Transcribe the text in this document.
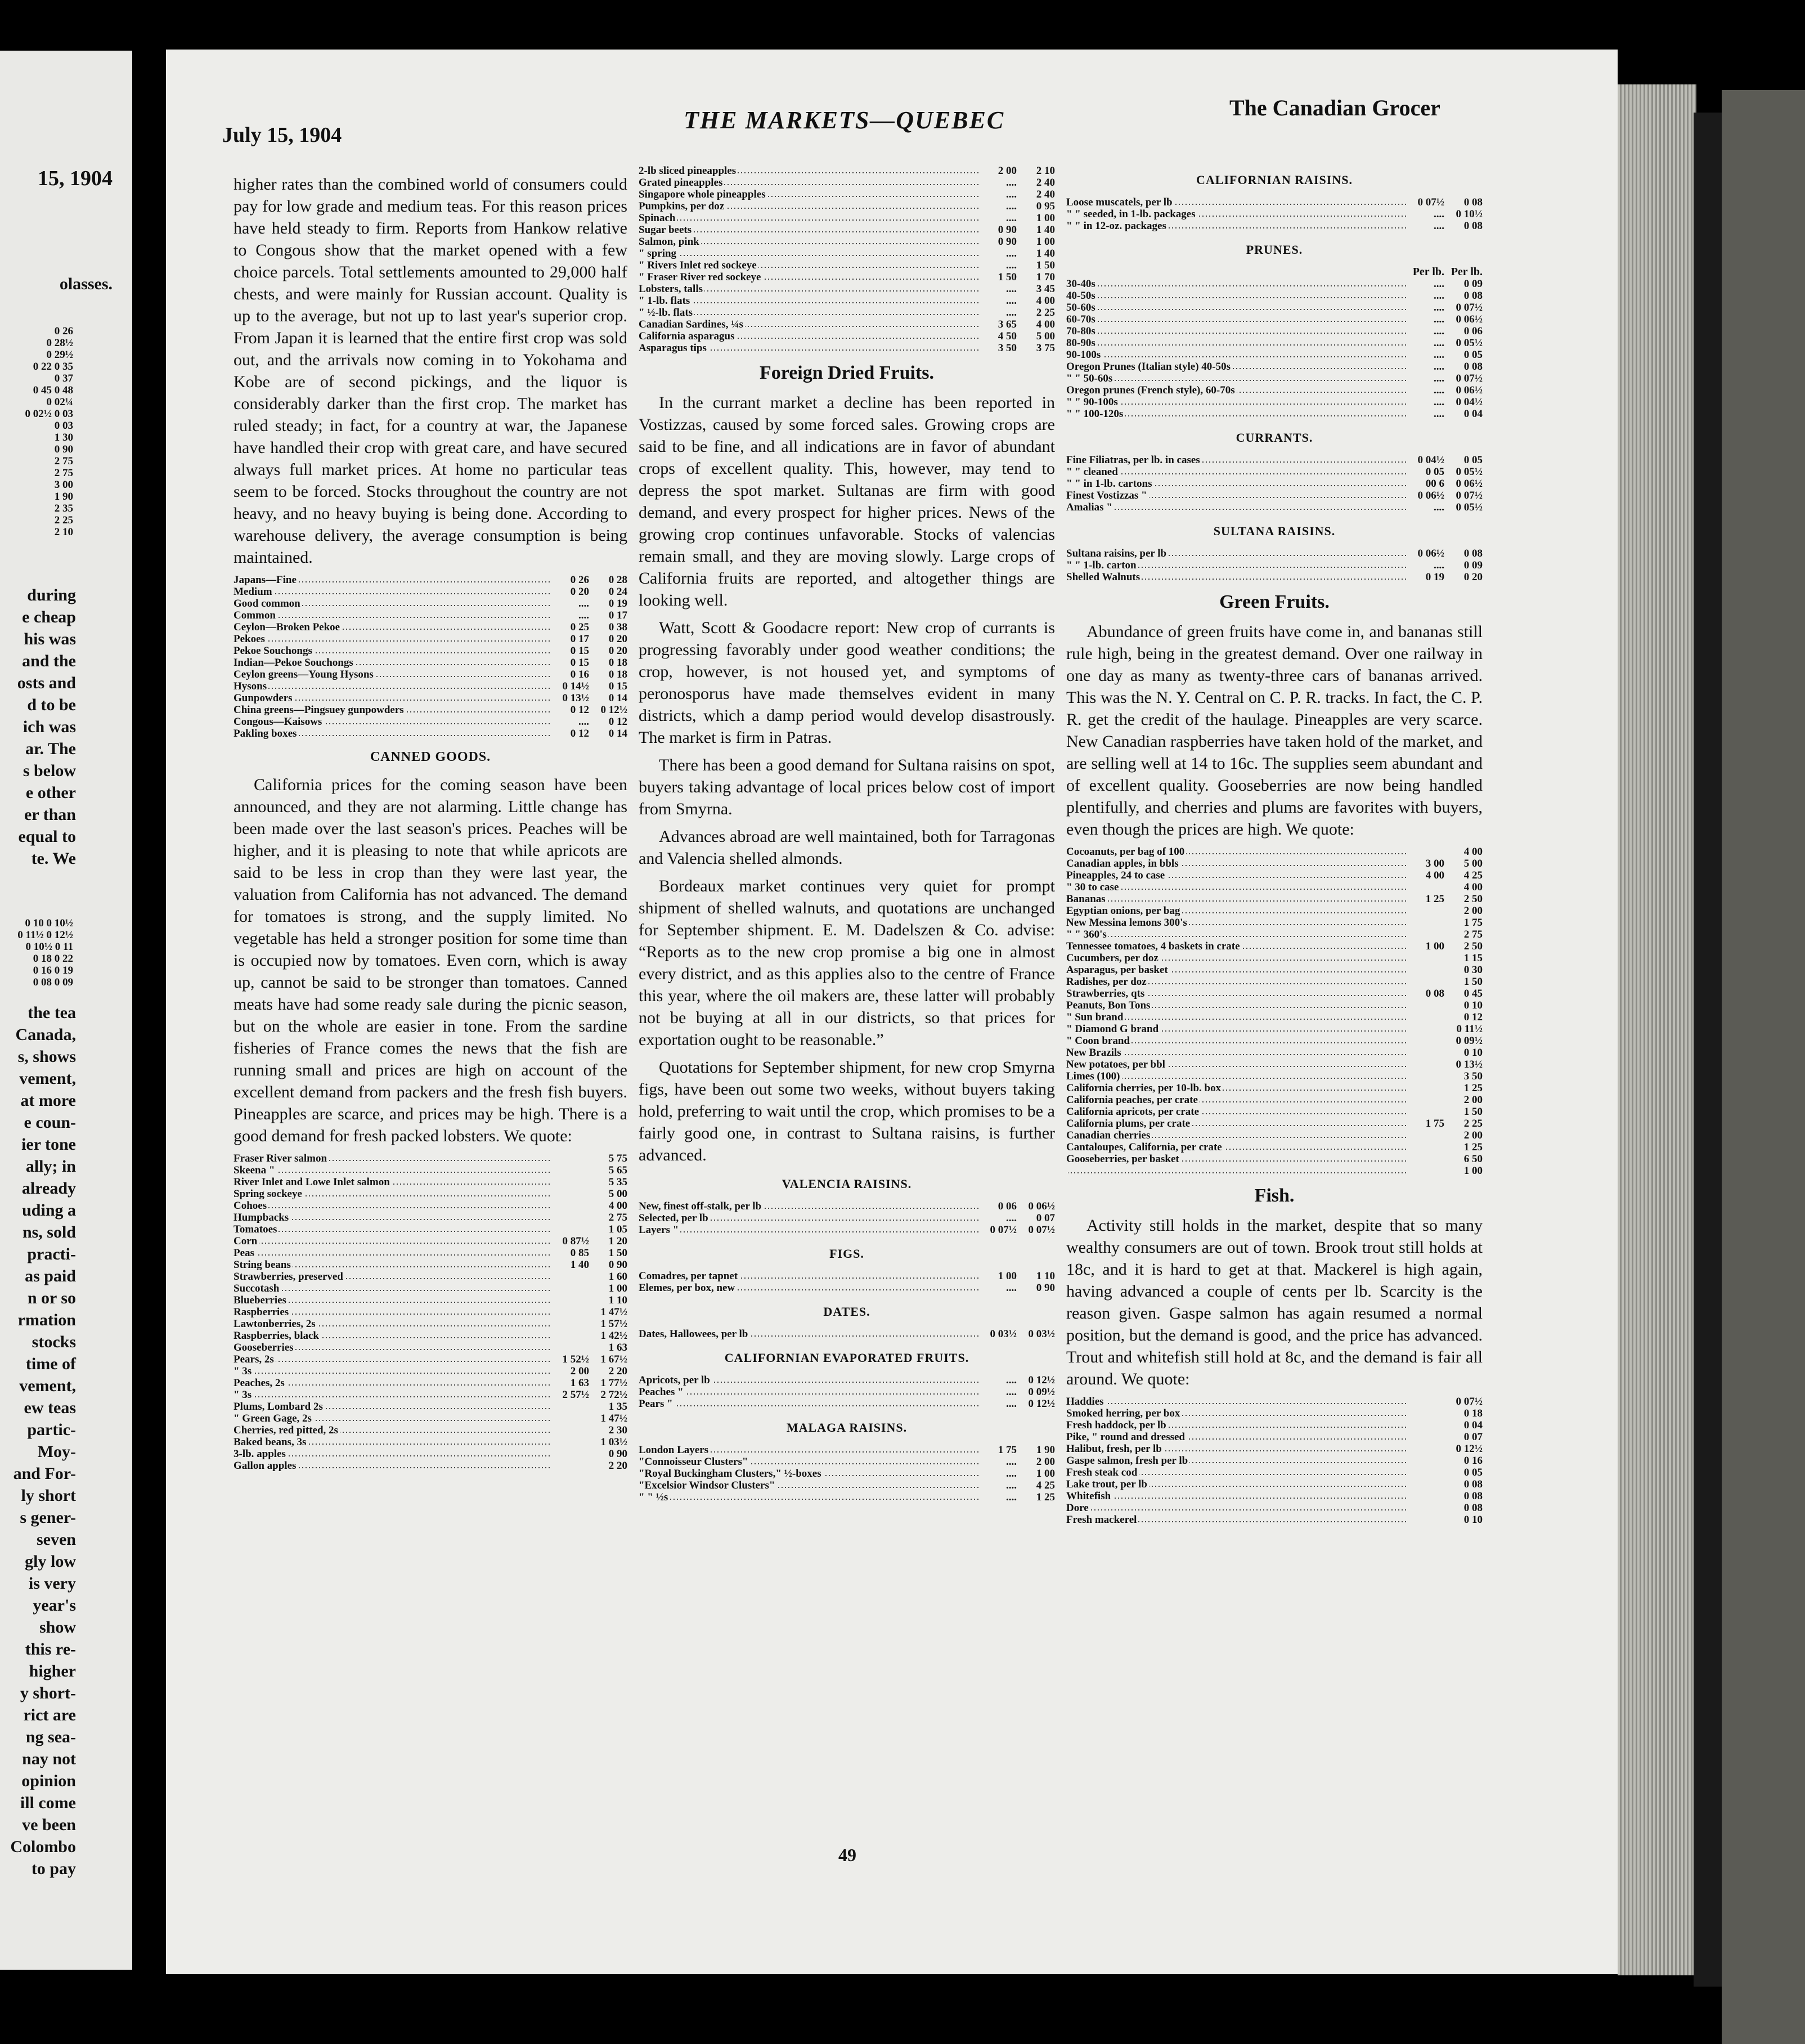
15, 1904
olasses.
0 26
0 28½
0 29½
0 22 0 35
0 37
0 45 0 48
0 02¼
0 02½ 0 03
0 03
1 30
0 90
2 75
2 75
3 00
1 90
2 35
2 25
2 10
during
e cheap
his was
and the
osts and
d to be
ich was
ar. The
s below
e other
er than
equal to
te. We
0 10 0 10½
0 11½ 0 12½
0 10½ 0 11
0 18 0 22
0 16 0 19
0 08 0 09
the tea
Canada,
s, shows
vement,
at more
e coun-
ier tone
ally; in
already
uding a
ns, sold
practi-
as paid
n or so
rmation
stocks
time of
vement,
ew teas
partic-
Moy-
and For-
ly short
s gener-
seven
gly low
is very
year's
show
this re-
higher
y short-
rict are
ng sea-
nay not
opinion
ill come
ve been
Colombo
to pay
July 15, 1904
THE MARKETS—QUEBEC	The Canadian Grocer

higher rates than the combined world of consumers could pay for low grade and medium teas. For this reason prices have held steady to firm. Reports from Hankow relative to Congous show that the market opened with a few choice parcels. Total settlements amounted to 29,000 half chests, and were mainly for Russian account. Quality is up to the average, but not up to last year's superior crop. From Japan it is learned that the entire first crop was sold out, and the arrivals now coming in to Yokohama and Kobe are of second pickings, and the liquor is considerably darker than the first crop. The market has ruled steady; in fact, for a country at war, the Japanese have handled their crop with great care, and have secured always full market prices. At home no particular teas seem to be forced. Stocks throughout the country are not heavy, and no heavy buying is being done. According to warehouse delivery, the average consumption is being maintained.

Japans—Fine	0 26	0 28
Medium	0 20	0 24
Good common	....	0 19
Common	....	0 17
Ceylon—Broken Pekoe	0 25	0 38
Pekoes	0 17	0 20
Pekoe Souchongs	0 15	0 20
Indian—Pekoe Souchongs	0 15	0 18
Ceylon greens—Young Hysons	0 16	0 18
Hysons	0 14½	0 15
Gunpowders	0 13½	0 14
China greens—Pingsuey gunpowders	0 12	0 12½
Congous—Kaisows	....	0 12
Pakling boxes	0 12	0 14
CANNED GOODS.

California prices for the coming season have been announced, and they are not alarming. Little change has been made over the last season's prices. Peaches will be higher, and it is pleasing to note that while apricots are said to be less in crop than they were last year, the valuation from California has not advanced. The demand for tomatoes is strong, and the supply limited. No vegetable has held a stronger position for some time than is occupied now by tomatoes. Even corn, which is away up, cannot be said to be stronger than tomatoes. Canned meats have had some ready sale during the picnic season, but on the whole are easier in tone. From the sardine fisheries of France comes the news that the fish are running small and prices are high on account of the excellent demand from packers and the fresh fish buyers. Pineapples are scarce, and prices may be high. There is a good demand for fresh packed lobsters. We quote:

Fraser River salmon		5 75
Skeena "		5 65
River Inlet and Lowe Inlet salmon		5 35
Spring sockeye		5 00
Cohoes		4 00
Humpbacks		2 75
Tomatoes		1 05
Corn	0 87½	1 20
Peas	0 85	1 50
String beans	1 40	0 90
Strawberries, preserved		1 60
Succotash		1 00
Blueberries		1 10
Raspberries		1 47½
Lawtonberries, 2s		1 57½
Raspberries, black		1 42½
Gooseberries		1 63
Pears, 2s	1 52½	1 67½
" 3s	2 00	2 20
Peaches, 2s	1 63	1 77½
" 3s	2 57½	2 72½
Plums, Lombard 2s		1 35
" Green Gage, 2s		1 47½
Cherries, red pitted, 2s		2 30
Baked beans, 3s		1 03½
3-lb. apples		0 90
Gallon apples		2 20
2-lb sliced pineapples	2 00	2 10
Grated pineapples	....	2 40
Singapore whole pineapples	....	2 40
Pumpkins, per doz	....	0 95
Spinach	....	1 00
Sugar beets	0 90	1 40
Salmon, pink	0 90	1 00
" spring	....	1 40
" Rivers Inlet red sockeye	....	1 50
" Fraser River red sockeye	1 50	1 70
Lobsters, talls	....	3 45
" 1-lb. flats	....	4 00
" ½-lb. flats	....	2 25
Canadian Sardines, ¼s	3 65	4 00
California asparagus	4 50	5 00
Asparagus tips	3 50	3 75
Foreign Dried Fruits.

In the currant market a decline has been reported in Vostizzas, caused by some forced sales. Growing crops are said to be fine, and all indications are in favor of abundant crops of excellent quality. This, however, may tend to depress the spot market. Sultanas are firm with good demand, and every prospect for higher prices. News of the growing crop continues unfavorable. Stocks of valencias remain small, and they are moving slowly. Large crops of California fruits are reported, and altogether things are looking well.

Watt, Scott & Goodacre report: New crop of currants is progressing favorably under good weather conditions; the crop, however, is not housed yet, and symptoms of peronosporus have made themselves evident in many districts, which a damp period would develop disastrously. The market is firm in Patras.

There has been a good demand for Sultana raisins on spot, buyers taking advantage of local prices below cost of import from Smyrna.

Advances abroad are well maintained, both for Tarragonas and Valencia shelled almonds.

Bordeaux market continues very quiet for prompt shipment of shelled walnuts, and quotations are unchanged for September shipment. E. M. Dadelszen & Co. advise: “Reports as to the new crop promise a big one in almost every district, and as this applies also to the centre of France this year, where the oil makers are, these latter will probably not be buying at all in our districts, so that prices for exportation ought to be reasonable.”

Quotations for September shipment, for new crop Smyrna figs, have been out some two weeks, without buyers taking hold, preferring to wait until the crop, which promises to be a fairly good one, in contrast to Sultana raisins, is further advanced.

VALENCIA RAISINS.
New, finest off-stalk, per lb	0 06	0 06½
Selected, per lb	....	0 07
Layers "	0 07½	0 07½
FIGS.
Comadres, per tapnet	1 00	1 10
Elemes, per box, new	....	0 90
DATES.
Dates, Hallowees, per lb	0 03½	0 03½
CALIFORNIAN EVAPORATED FRUITS.
Apricots, per lb	....	0 12½
Peaches "	....	0 09½
Pears "	....	0 12½
MALAGA RAISINS.
London Layers	1 75	1 90
"Connoisseur Clusters"	....	2 00
"Royal Buckingham Clusters," ½-boxes	....	1 00
"Excelsior Windsor Clusters"	....	4 25
" " ½s	....	1 25
49
CALIFORNIAN RAISINS.
Loose muscatels, per lb	0 07½	0 08
" " seeded, in 1-lb. packages	....	0 10½
" " in 12-oz. packages	....	0 08
PRUNES.
	Per lb.	Per lb.
30-40s	....	0 09
40-50s	....	0 08
50-60s	....	0 07½
60-70s	....	0 06½
70-80s	....	0 06
80-90s	....	0 05½
90-100s	....	0 05
Oregon Prunes (Italian style) 40-50s	....	0 08
" " 50-60s	....	0 07½
Oregon prunes (French style), 60-70s	....	0 06½
" " 90-100s	....	0 04½
" " 100-120s	....	0 04
CURRANTS.
Fine Filiatras, per lb. in cases	0 04½	0 05
" " cleaned	0 05	0 05½
" " in 1-lb. cartons	00 6	0 06½
Finest Vostizzas "	0 06½	0 07½
Amalias "	....	0 05½
SULTANA RAISINS.
Sultana raisins, per lb	0 06½	0 08
" " 1-lb. carton	....	0 09
Shelled Walnuts	0 19	0 20
Green Fruits.

Abundance of green fruits have come in, and bananas still rule high, being in the greatest demand. Over one railway in one day as many as twenty-three cars of bananas arrived. This was the N. Y. Central on C. P. R. tracks. In fact, the C. P. R. get the credit of the haulage. Pineapples are very scarce. New Canadian raspberries have taken hold of the market, and are selling well at 14 to 16c. The supplies seem abundant and of excellent quality. Gooseberries are now being handled plentifully, and cherries and plums are favorites with buyers, even though the prices are high. We quote:

Cocoanuts, per bag of 100		4 00
Canadian apples, in bbls	3 00	5 00
Pineapples, 24 to case	4 00	4 25
" 30 to case		4 00
Bananas	1 25	2 50
Egyptian onions, per bag		2 00
New Messina lemons 300's		1 75
" " 360's		2 75
Tennessee tomatoes, 4 baskets in crate	1 00	2 50
Cucumbers, per doz		1 15
Asparagus, per basket		0 30
Radishes, per doz		1 50
Strawberries, qts	0 08	0 45
Peanuts, Bon Tons		0 10
" Sun brand		0 12
" Diamond G brand		0 11½
" Coon brand		0 09½
New Brazils		0 10
New potatoes, per bbl		0 13½
Limes (100)		3 50
California cherries, per 10-lb. box		1 25
California peaches, per crate		2 00
California apricots, per crate		1 50
California plums, per crate	1 75	2 25
Canadian cherries		2 00
Cantaloupes, California, per crate		1 25
Gooseberries, per basket		6 50
		1 00
Fish.

Activity still holds in the market, despite that so many wealthy consumers are out of town. Brook trout still holds at 18c, and it is hard to get at that. Mackerel is high again, having advanced a couple of cents per lb. Scarcity is the reason given. Gaspe salmon has again resumed a normal position, but the demand is good, and the price has advanced. Trout and whitefish still hold at 8c, and the demand is fair all around. We quote:

Haddies		0 07½
Smoked herring, per box		0 18
Fresh haddock, per lb		0 04
Pike, " round and dressed		0 07
Halibut, fresh, per lb		0 12½
Gaspe salmon, fresh per lb		0 16
Fresh steak cod		0 05
Lake trout, per lb		0 08
Whitefish		0 08
Dore		0 08
Fresh mackerel		0 10
